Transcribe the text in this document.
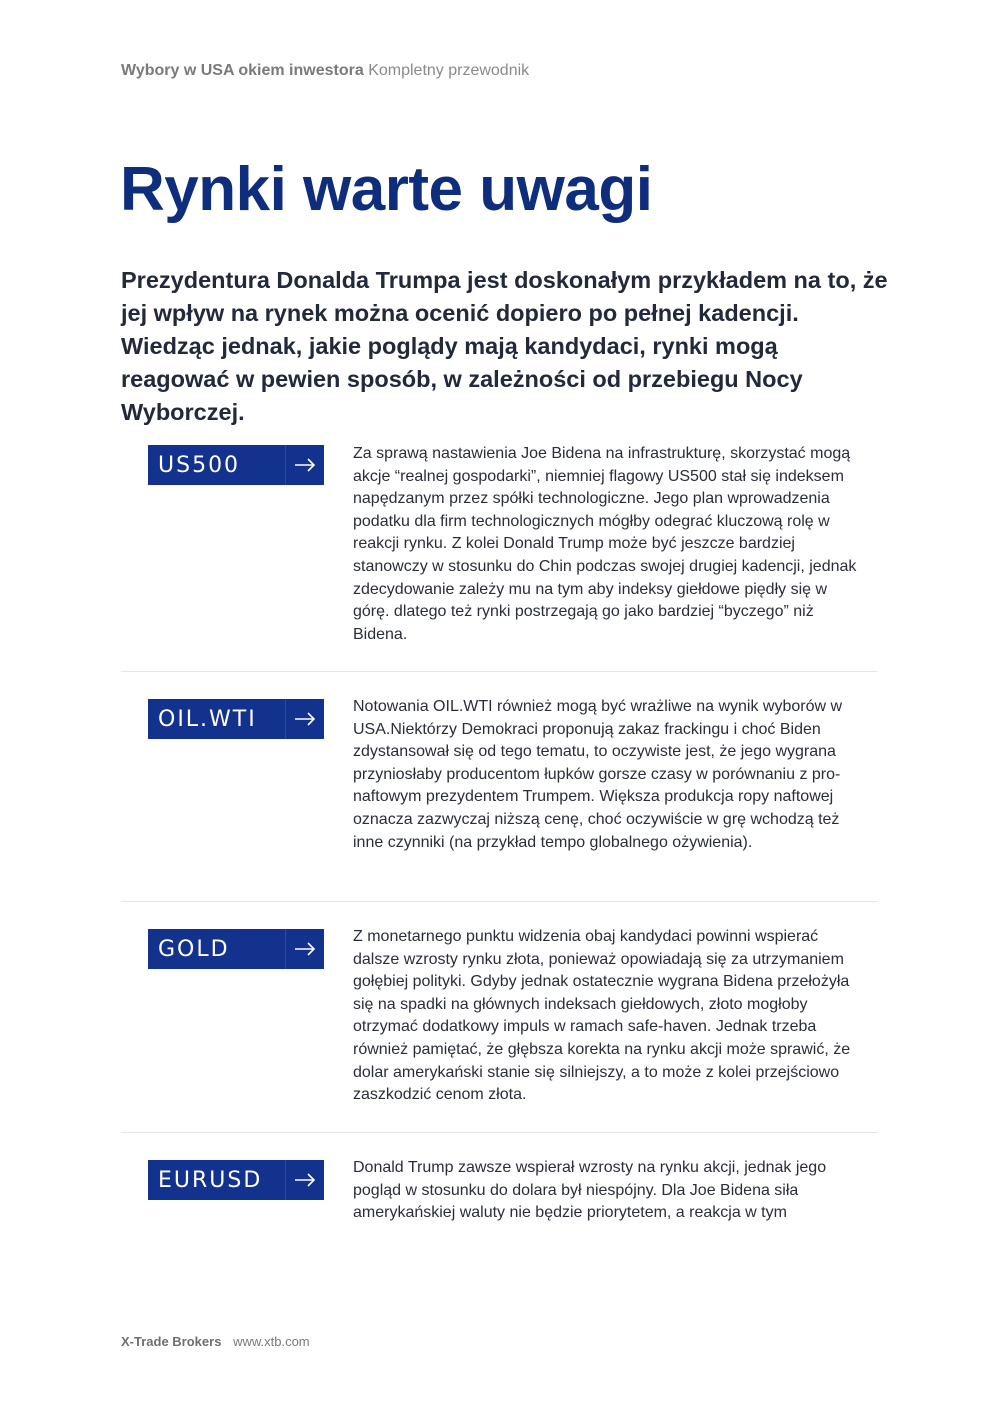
Wybory w USA okiem inwestora Kompletny przewodnik
Rynki warte uwagi

Prezydentura Donalda Trumpa jest doskonałym przykładem na to, że jej wpływ na rynek można ocenić dopiero po pełnej kadencji. Wiedząc jednak, jakie poglądy mają kandydaci, rynki mogą reagować w pewien sposób, w zależności od przebiegu Nocy Wyborczej.

US500	Za sprawą nastawienia Joe Bidena na infrastrukturę, skorzystać mogą akcje “realnej gospodarki”, niemniej flagowy US500 stał się indeksem napędzanym przez spółki technologiczne. Jego plan wprowadzenia podatku dla firm technologicznych mógłby odegrać kluczową rolę w reakcji rynku. Z kolei Donald Trump może być jeszcze bardziej stanowczy w stosunku do Chin podczas swojej drugiej kadencji, jednak zdecydowanie zależy mu na tym aby indeksy giełdowe piędły się w górę. dlatego też rynki postrzegają go jako bardziej “byczego” niż Bidena.

OIL.WTI	Notowania OIL.WTI również mogą być wrażliwe na wynik wyborów w USA.Niektórzy Demokraci proponują zakaz frackingu i choć Biden zdystansował się od tego tematu, to oczywiste jest, że jego wygrana przyniosłaby producentom łupków gorsze czasy w porównaniu z pro-naftowym prezydentem Trumpem. Większa produkcja ropy naftowej oznacza zazwyczaj niższą cenę, choć oczywiście w grę wchodzą też inne czynniki (na przykład tempo globalnego ożywienia).

GOLD	Z monetarnego punktu widzenia obaj kandydaci powinni wspierać dalsze wzrosty rynku złota, ponieważ opowiadają się za utrzymaniem gołębiej polityki. Gdyby jednak ostatecznie wygrana Bidena przełożyła się na spadki na głównych indeksach giełdowych, złoto mogłoby otrzymać dodatkowy impuls w ramach safe-haven. Jednak trzeba również pamiętać, że głębsza korekta na rynku akcji może sprawić, że dolar amerykański stanie się silniejszy, a to może z kolei przejściowo zaszkodzić cenom złota.

EURUSD	Donald Trump zawsze wspierał wzrosty na rynku akcji, jednak jego pogląd w stosunku do dolara był niespójny. Dla Joe Bidena siła amerykańskiej waluty nie będzie priorytetem, a reakcja w tym

X-Trade Brokers www.xtb.com
